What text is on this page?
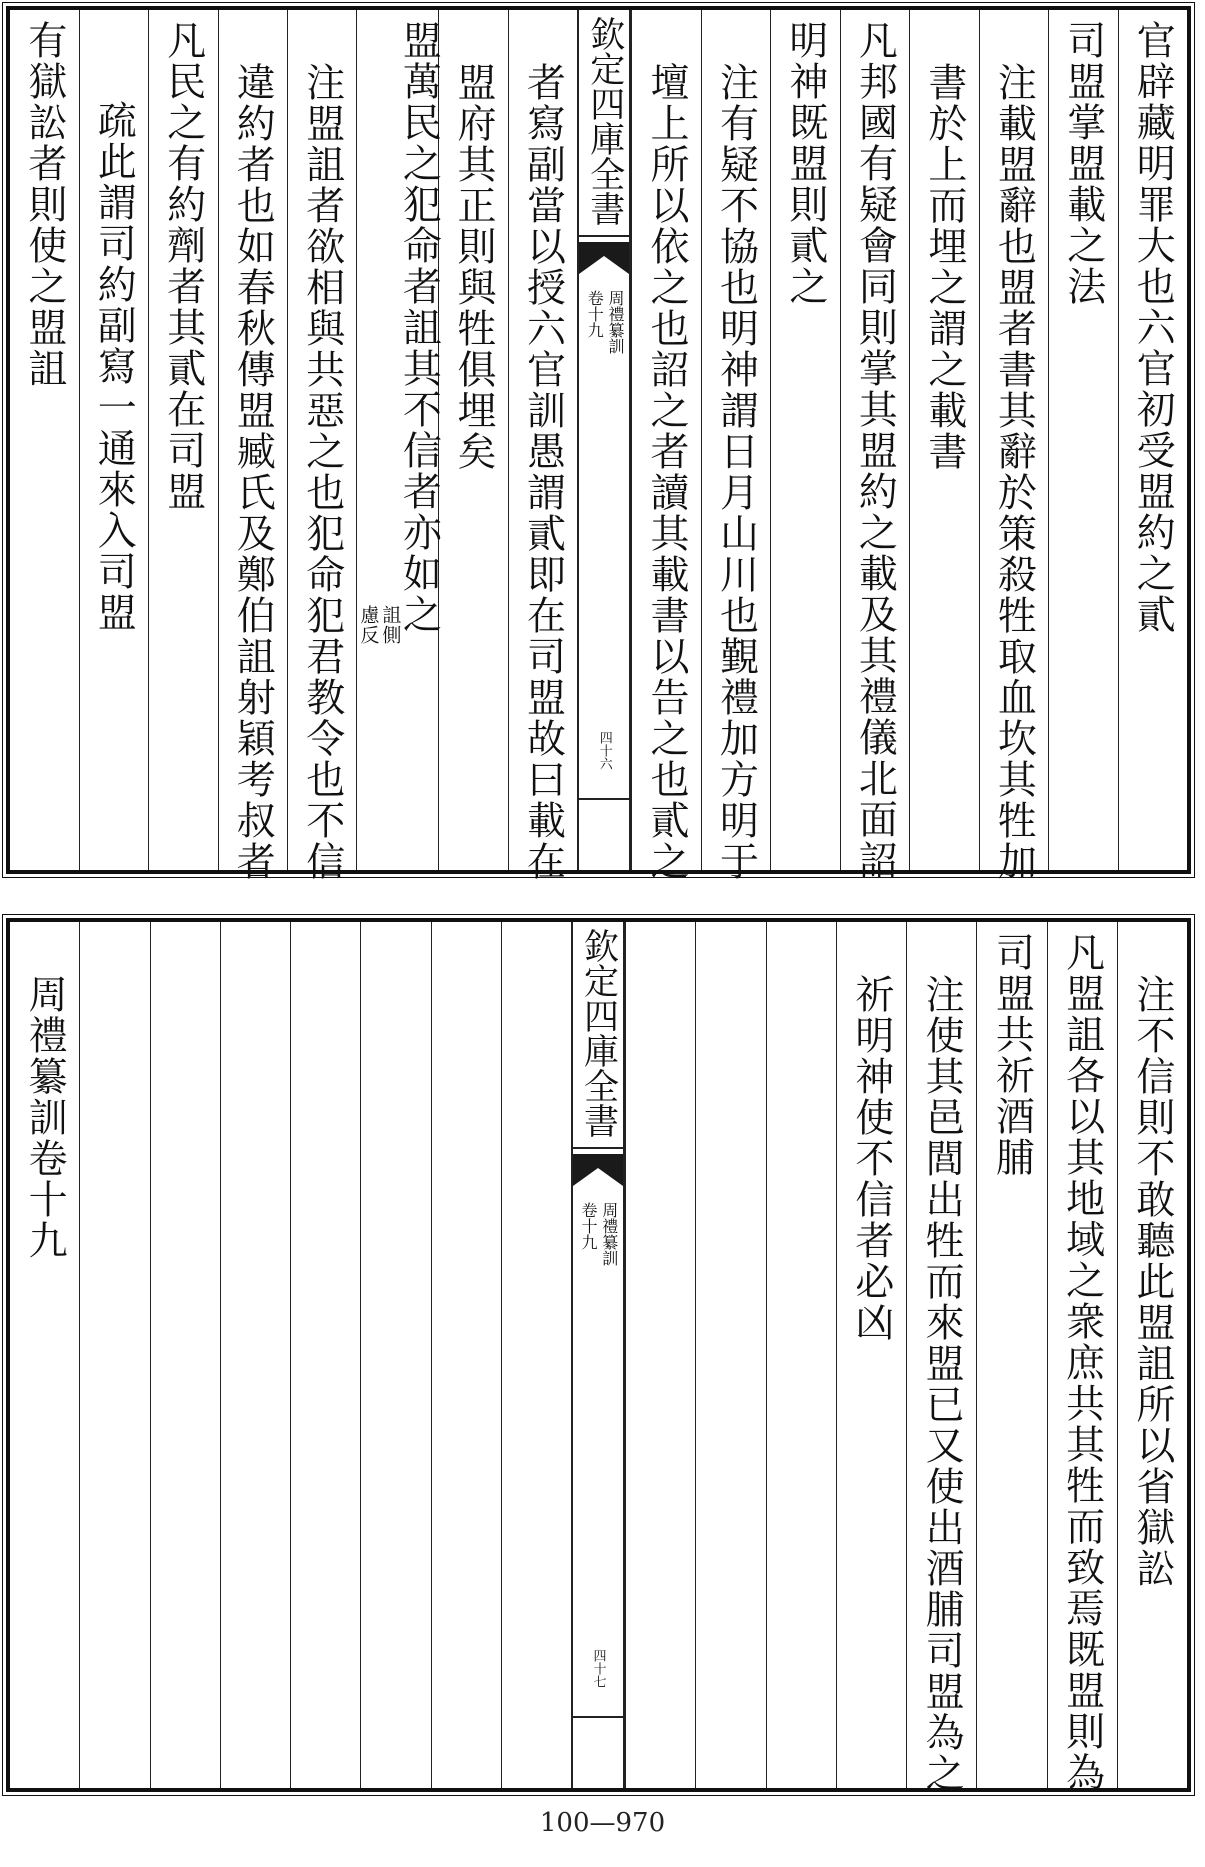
官辟藏明罪大也六官初受盟約之貳
司盟掌盟載之法
注載盟辭也盟者書其辭於策殺牲取血坎其牲加
書於上而埋之謂之載書
凡邦國有疑會同則掌其盟約之載及其禮儀北面詔
明神既盟則貳之
注有疑不協也明神謂日月山川也覲禮加方明于
壇上所以依之也詔之者讀其載書以告之也貳之
欽定四庫全書
周禮纂訓
卷十九
四十六
者寫副當以授六官訓愚謂貳即在司盟故曰載在
盟府其正則與牲俱埋矣
盟萬民之犯命者詛其不信者亦如之
詛側
慮反
注盟詛者欲相與共惡之也犯命犯君教令也不信
違約者也如春秋傳盟臧氏及鄭伯詛射穎考叔者
凡民之有約劑者其貳在司盟
疏此謂司約副寫一通來入司盟
有獄訟者則使之盟詛
注不信則不敢聽此盟詛所以省獄訟
凡盟詛各以其地域之衆庶共其牲而致焉既盟則為
司盟共祈酒脯
注使其邑閭出牲而來盟已又使出酒脯司盟為之
祈明神使不信者必凶
欽定四庫全書
周禮纂訓
卷十九
四十七
周禮纂訓卷十九
100—970
